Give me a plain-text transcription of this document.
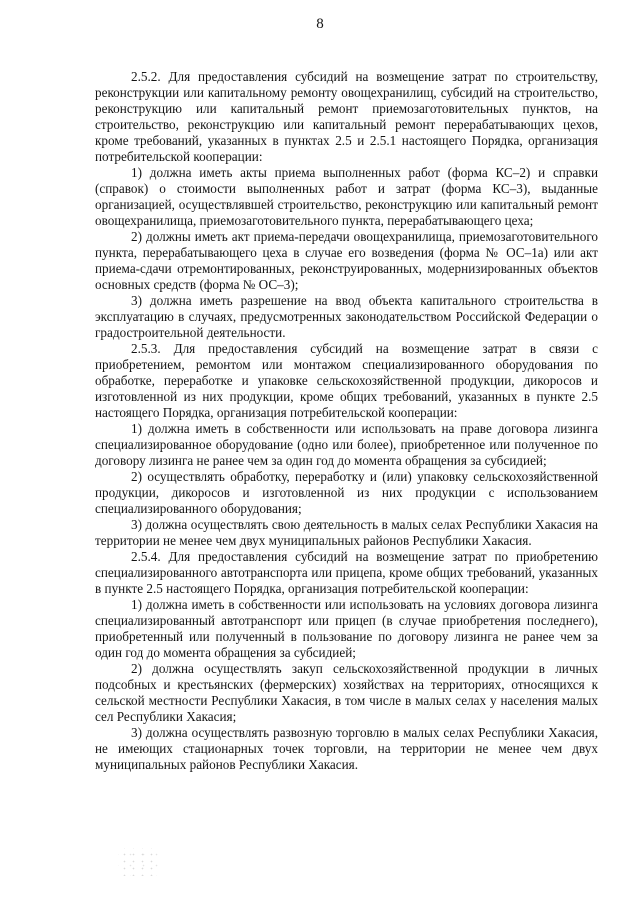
8

2.5.2. Для предоставления субсидий на возмещение затрат по строительству, реконструкции или капитальному ремонту овощехранилищ, субсидий на строительство, реконструкцию или капитальный ремонт приемозаготовительных пунктов, на строительство, реконструкцию или капитальный ремонт перерабатывающих цехов, кроме требований, указанных в пунктах 2.5 и 2.5.1 настоящего Порядка, организация потребительской кооперации:

1) должна иметь акты приема выполненных работ (форма КС–2) и справки (справок) о стоимости выполненных работ и затрат (форма КС–3), выданные организацией, осуществлявшей строительство, реконструкцию или капитальный ремонт овощехранилища, приемозаготовительного пункта, перерабатывающего цеха;

2) должны иметь акт приема-передачи овощехранилища, приемозаготовительного пункта, перерабатывающего цеха в случае его возведения (форма № ОС–1а) или акт приема-сдачи отремонтированных, реконструированных, модернизированных объектов основных средств (форма № ОС–3);

3) должна иметь разрешение на ввод объекта капитального строительства в эксплуатацию в случаях, предусмотренных законодательством Российской Федерации о градостроительной деятельности.

2.5.3. Для предоставления субсидий на возмещение затрат в связи с приобретением, ремонтом или монтажом специализированного оборудования по обработке, переработке и упаковке сельскохозяйственной продукции, дикоросов и изготовленной из них продукции, кроме общих требований, указанных в пункте 2.5 настоящего Порядка, организация потребительской кооперации:

1) должна иметь в собственности или использовать на праве договора лизинга специализированное оборудование (одно или более), приобретенное или полученное по договору лизинга не ранее чем за один год до момента обращения за субсидией;

2) осуществлять обработку, переработку и (или) упаковку сельскохозяйственной продукции, дикоросов и изготовленной из них продукции с использованием специализированного оборудования;

3) должна осуществлять свою деятельность в малых селах Республики Хакасия на территории не менее чем двух муниципальных районов Республики Хакасия.

2.5.4. Для предоставления субсидий на возмещение затрат по приобретению специализированного автотранспорта или прицепа, кроме общих требований, указанных в пункте 2.5 настоящего Порядка, организация потребительской кооперации:

1) должна иметь в собственности или использовать на условиях договора лизинга специализированный автотранспорт или прицеп (в случае приобретения последнего), приобретенный или полученный в пользование по договору лизинга не ранее чем за один год до момента обращения за субсидией;

2) должна осуществлять закуп сельскохозяйственной продукции в личных подсобных и крестьянских (фермерских) хозяйствах на территориях, относящихся к сельской местности Республики Хакасия, в том числе в малых селах у населения малых сел Республики Хакасия;

3) должна осуществлять развозную торговлю в малых селах Республики Хакасия, не имеющих стационарных точек торговли, на территории не менее чем двух муниципальных районов Республики Хакасия.
